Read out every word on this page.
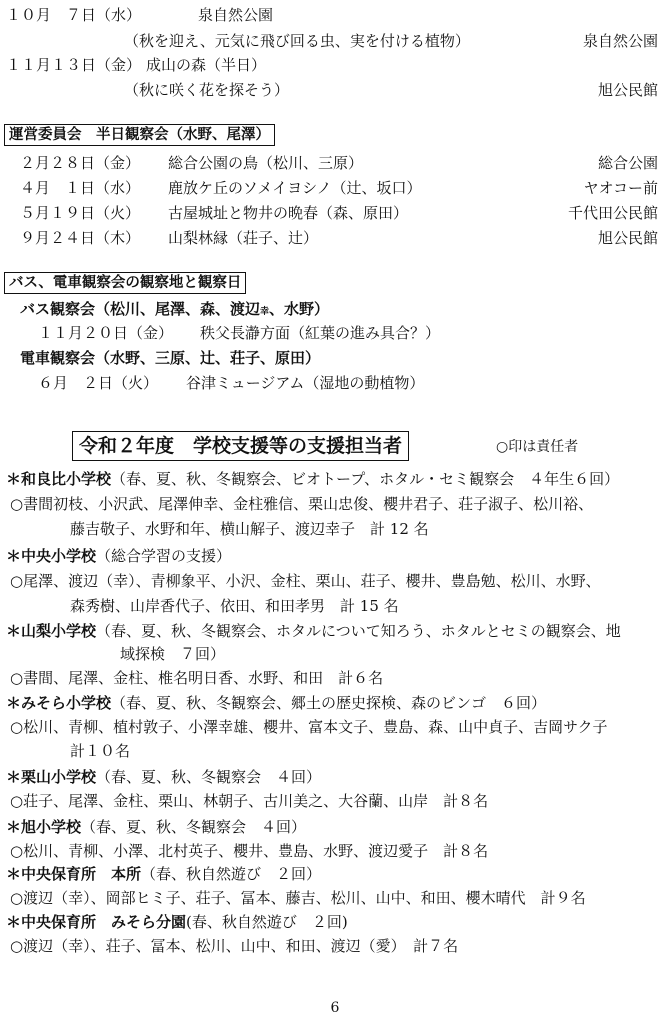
１０月　７日（水）	泉自然公園
（秋を迎え、元気に飛び回る虫、実を付ける植物）	泉自然公園
１１月１３日（金） 成山の森（半日）
（秋に咲く花を探そう）	旭公民館
運営委員会　半日観察会（水野、尾澤）
２月２８日（金） 総合公園の鳥（松川、三原）	総合公園
４月　１日（水） 鹿放ケ丘のソメイヨシノ（辻、坂口）	ヤオコー前
５月１９日（火） 古屋城址と物井の晩春（森、原田）	千代田公民館
９月２４日（木） 山梨林縁（荘子、辻）	旭公民館
バス、電車観察会の観察地と観察日
バス観察会（松川、尾澤、森、渡辺幸、水野）
１１月２０日（金） 秩父長瀞方面（紅葉の進み具合？）
電車観察会（水野、三原、辻、荘子、原田）
６月　２日（火） 谷津ミュージアム（湿地の動植物）
令和２年度　学校支援等の支援担当者	○印は責任者
＊和良比小学校（春、夏、秋、冬観察会、ビオトープ、ホタル・セミ観察会　４年生６回）
○書間初枝、小沢武、尾澤伸幸、金柱雅信、栗山忠俊、櫻井君子、荘子淑子、松川裕、
藤吉敬子、水野和年、横山解子、渡辺幸子　計 12 名
＊中央小学校（総合学習の支援）
○尾澤、渡辺（幸）、青柳象平、小沢、金柱、栗山、荘子、櫻井、豊島勉、松川、水野、
森秀樹、山岸香代子、依田、和田孝男　計 15 名
＊山梨小学校（春、夏、秋、冬観察会、ホタルについて知ろう、ホタルとセミの観察会、地
域探検　７回）
○書間、尾澤、金柱、椎名明日香、水野、和田　計６名
＊みそら小学校（春、夏、秋、冬観察会、郷土の歴史探検、森のビンゴ　６回）
○松川、青柳、植村敦子、小澤幸雄、櫻井、富本文子、豊島、森、山中貞子、吉岡サク子
計１０名
＊栗山小学校（春、夏、秋、冬観察会　４回）
○荘子、尾澤、金柱、栗山、林朝子、古川美之、大谷蘭、山岸　計８名
＊旭小学校（春、夏、秋、冬観察会　４回）
○松川、青柳、小澤、北村英子、櫻井、豊島、水野、渡辺愛子　計８名
＊中央保育所　本所（春、秋自然遊び　２回）
○渡辺（幸）、岡部ヒミ子、荘子、冨本、藤吉、松川、山中、和田、櫻木晴代　計９名
＊中央保育所　みそら分園(春、秋自然遊び　２回)
○渡辺（幸）、荘子、冨本、松川、山中、和田、渡辺（愛）　計７名
6
